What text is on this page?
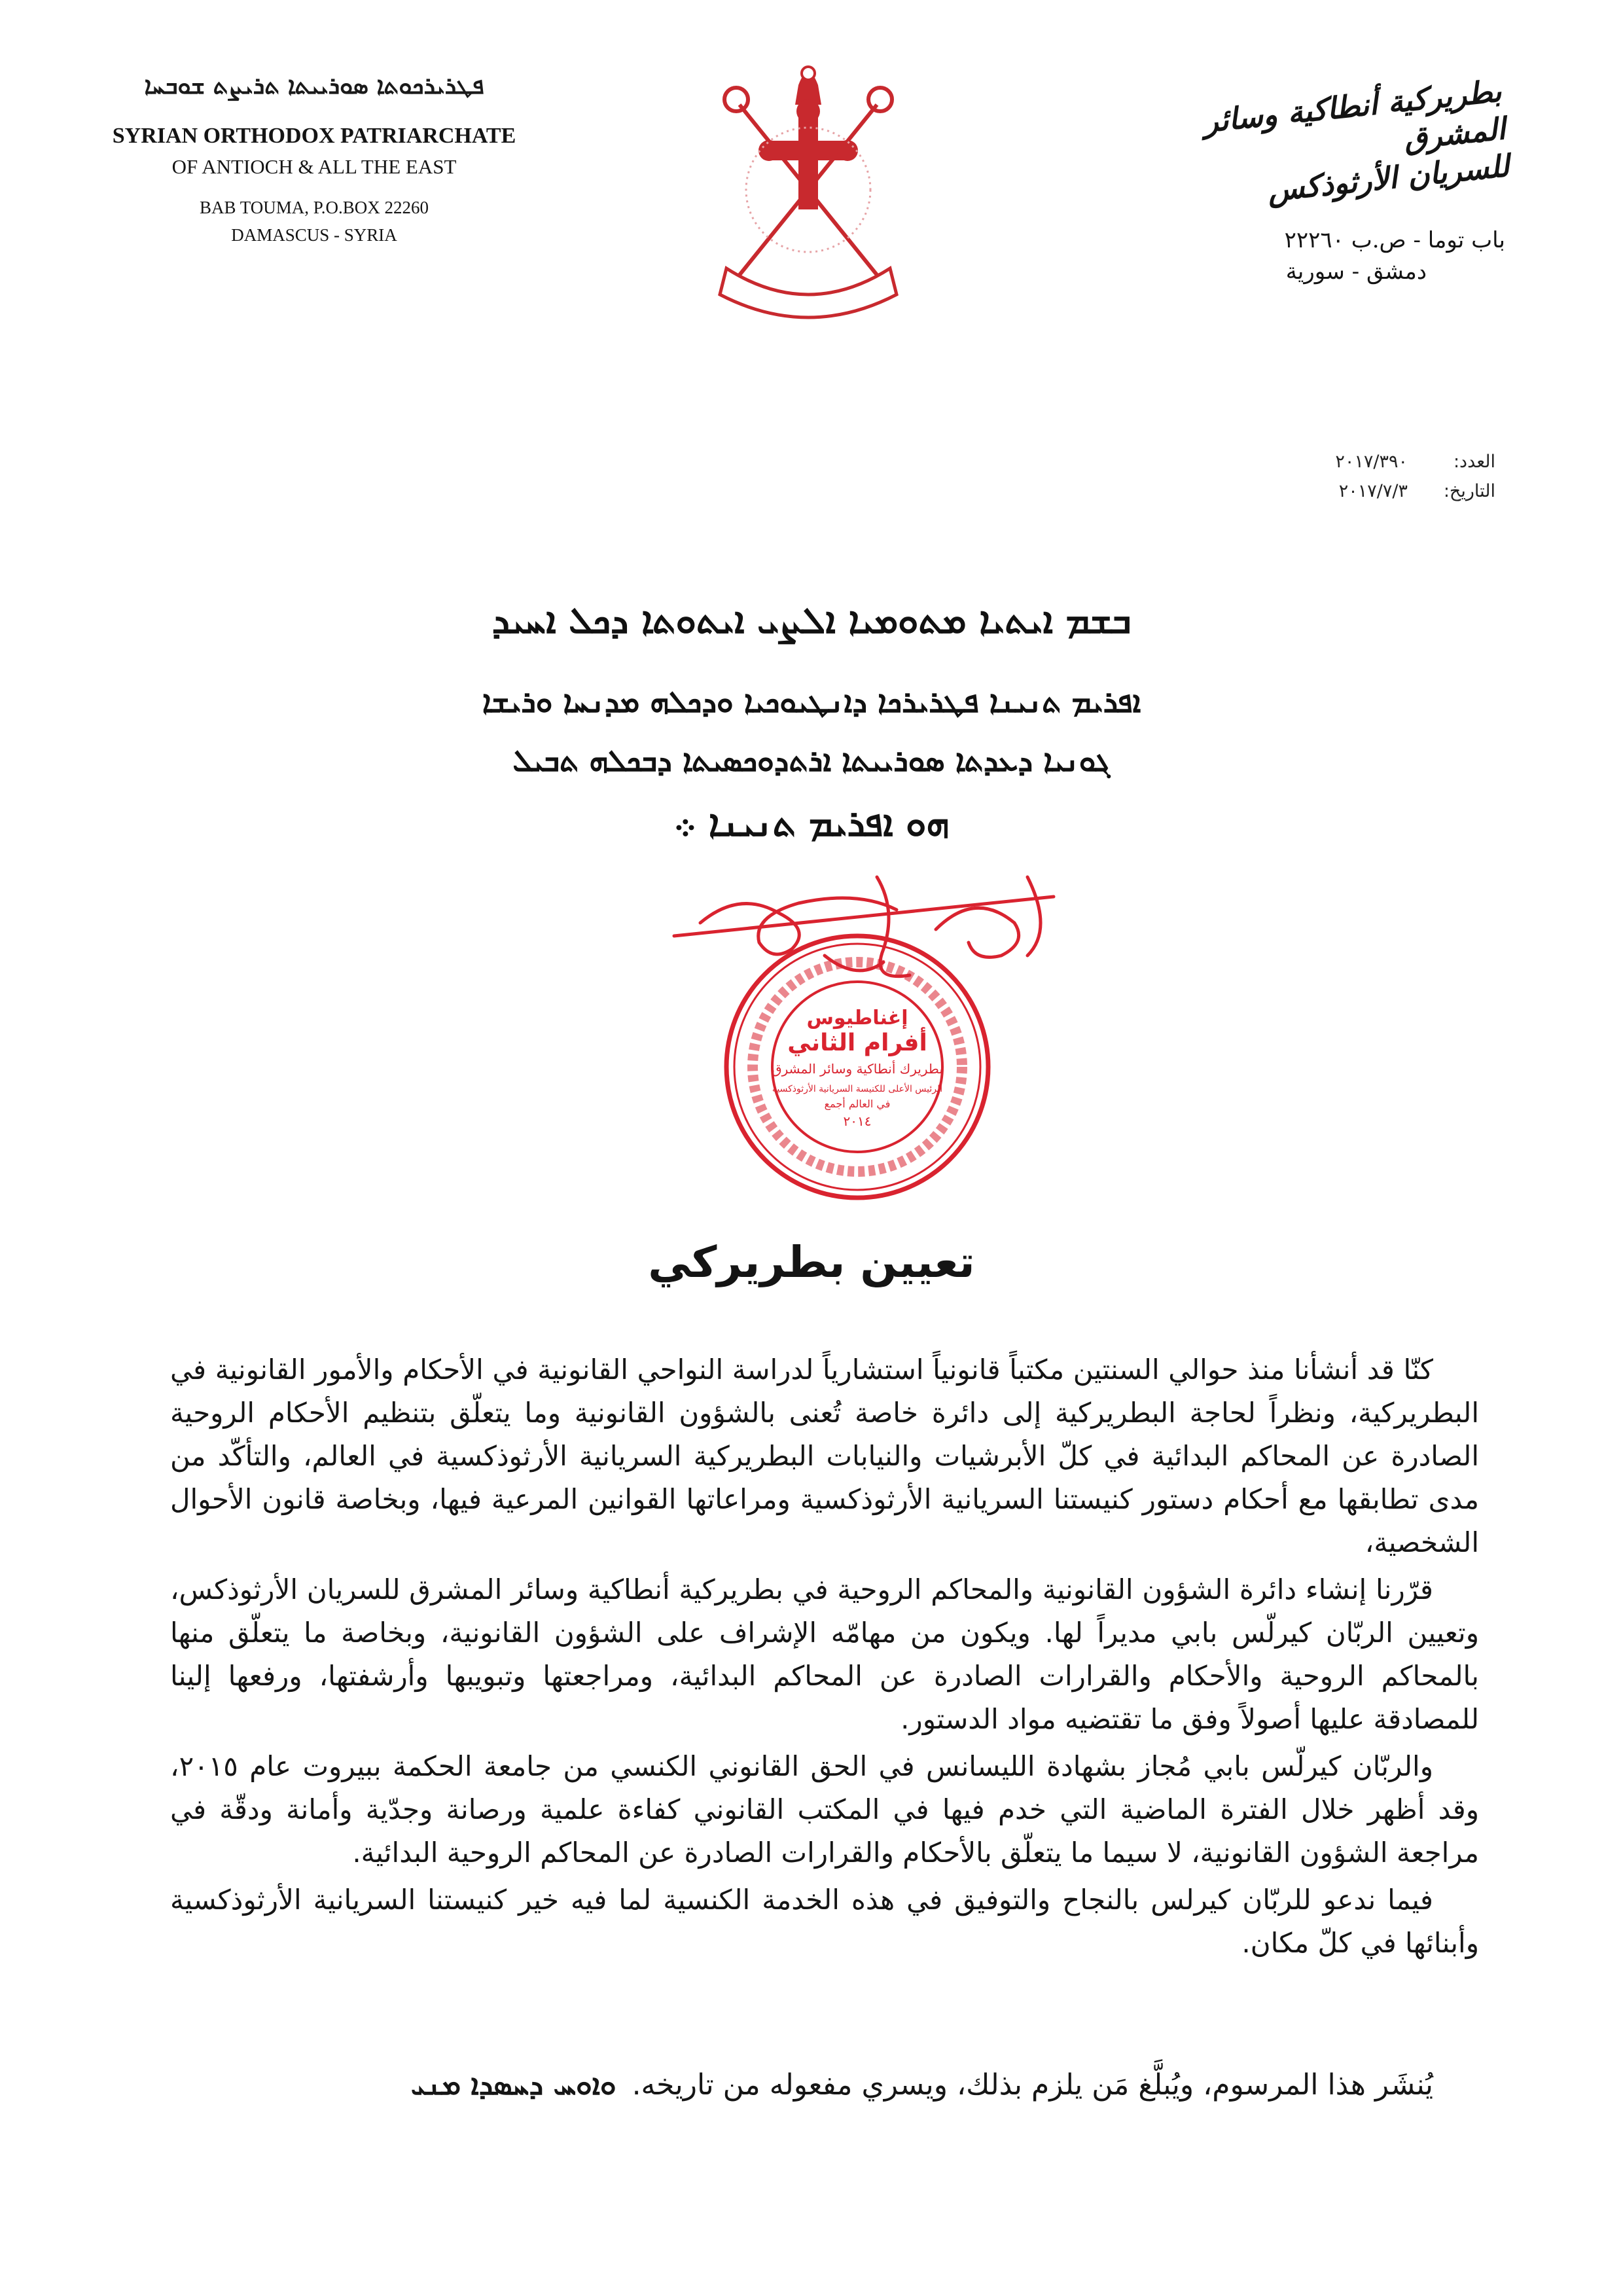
ܦܛܪܝܪܟܘܬܐ ܣܘܪܝܝܬܐ ܬܪܝܨܬ ܫܘܒܚܐ
SYRIAN ORTHODOX PATRIARCHATE
OF ANTIOCH & ALL THE EAST
BAB TOUMA, P.O.BOX 22260
DAMASCUS - SYRIA
بطريركية أنطاكية وسائر المشرق
للسريان الأرثوذكس
باب توما - ص.ب ٢٢٢٦٠
دمشق - سورية
العدد:
٢٠١٧/٣٩٠
التاريخ:
٢٠١٧/٧/٣
ܒܫܡ ܐܝܬܝܐ ܡܬܘܡܝܐ ܐܠܨܝ ܐܝܬܘܬܐ ܕܟܠ ܐܚܝܕ
ܐܦܪܝܡ ܬܢܝܢܐ ܦܛܪܝܪܟܐ ܕܐܢܛܝܘܟܝܐ ܘܕܟܠܗ ܡܕܢܚܐ ܘܪܝܫܐ
ܓܘܢܝܐ ܕܥܕܬܐ ܣܘܪܝܝܬܐ ܐܪܬܕܘܟܣܝܬܐ ܕܒܟܠܗ ܬܒܝܠ
ܗܘ ܐܦܪܝܡ ܬܢܝܢܐ ܀
إغناطيوس
أفرام الثاني
بطريرك أنطاكية وسائر المشرق
الرئيس الأعلى للكنيسة السريانية الأرثوذكسية
في العالم أجمع
٢٠١٤
تعيين بطريركي

كنّا قد أنشأنا منذ حوالي السنتين مكتباً قانونياً استشارياً لدراسة النواحي القانونية في الأحكام والأمور القانونية في البطريركية، ونظراً لحاجة البطريركية إلى دائرة خاصة تُعنى بالشؤون القانونية وما يتعلّق بتنظيم الأحكام الروحية الصادرة عن المحاكم البدائية في كلّ الأبرشيات والنيابات البطريركية السريانية الأرثوذكسية في العالم، والتأكّد من مدى تطابقها مع أحكام دستور كنيستنا السريانية الأرثوذكسية ومراعاتها القوانين المرعية فيها، وبخاصة قانون الأحوال الشخصية،

قرّرنا إنشاء دائرة الشؤون القانونية والمحاكم الروحية في بطريركية أنطاكية وسائر المشرق للسريان الأرثوذكس، وتعيين الربّان كيرلّس بابي مديراً لها. ويكون من مهامّه الإشراف على الشؤون القانونية، وبخاصة ما يتعلّق منها بالمحاكم الروحية والأحكام والقرارات الصادرة عن المحاكم البدائية، ومراجعتها وتبويبها وأرشفتها، ورفعها إلينا للمصادقة عليها أصولاً وفق ما تقتضيه مواد الدستور.

والربّان كيرلّس بابي مُجاز بشهادة الليسانس في الحق القانوني الكنسي من جامعة الحكمة ببيروت عام ٢٠١٥، وقد أظهر خلال الفترة الماضية التي خدم فيها في المكتب القانوني كفاءة علمية ورصانة وجدّية وأمانة ودقّة في مراجعة الشؤون القانونية، لا سيما ما يتعلّق بالأحكام والقرارات الصادرة عن المحاكم الروحية البدائية.

فيما ندعو للربّان كيرلس بالنجاح والتوفيق في هذه الخدمة الكنسية لما فيه خير كنيستنا السريانية الأرثوذكسية وأبنائها في كلّ مكان.

يُنشَر هذا المرسوم، ويُبلَّغ مَن يلزم بذلك، ويسري مفعوله من تاريخه. ܘܐܘܚ ܕܚܣܕܐ ܡܢܝ
